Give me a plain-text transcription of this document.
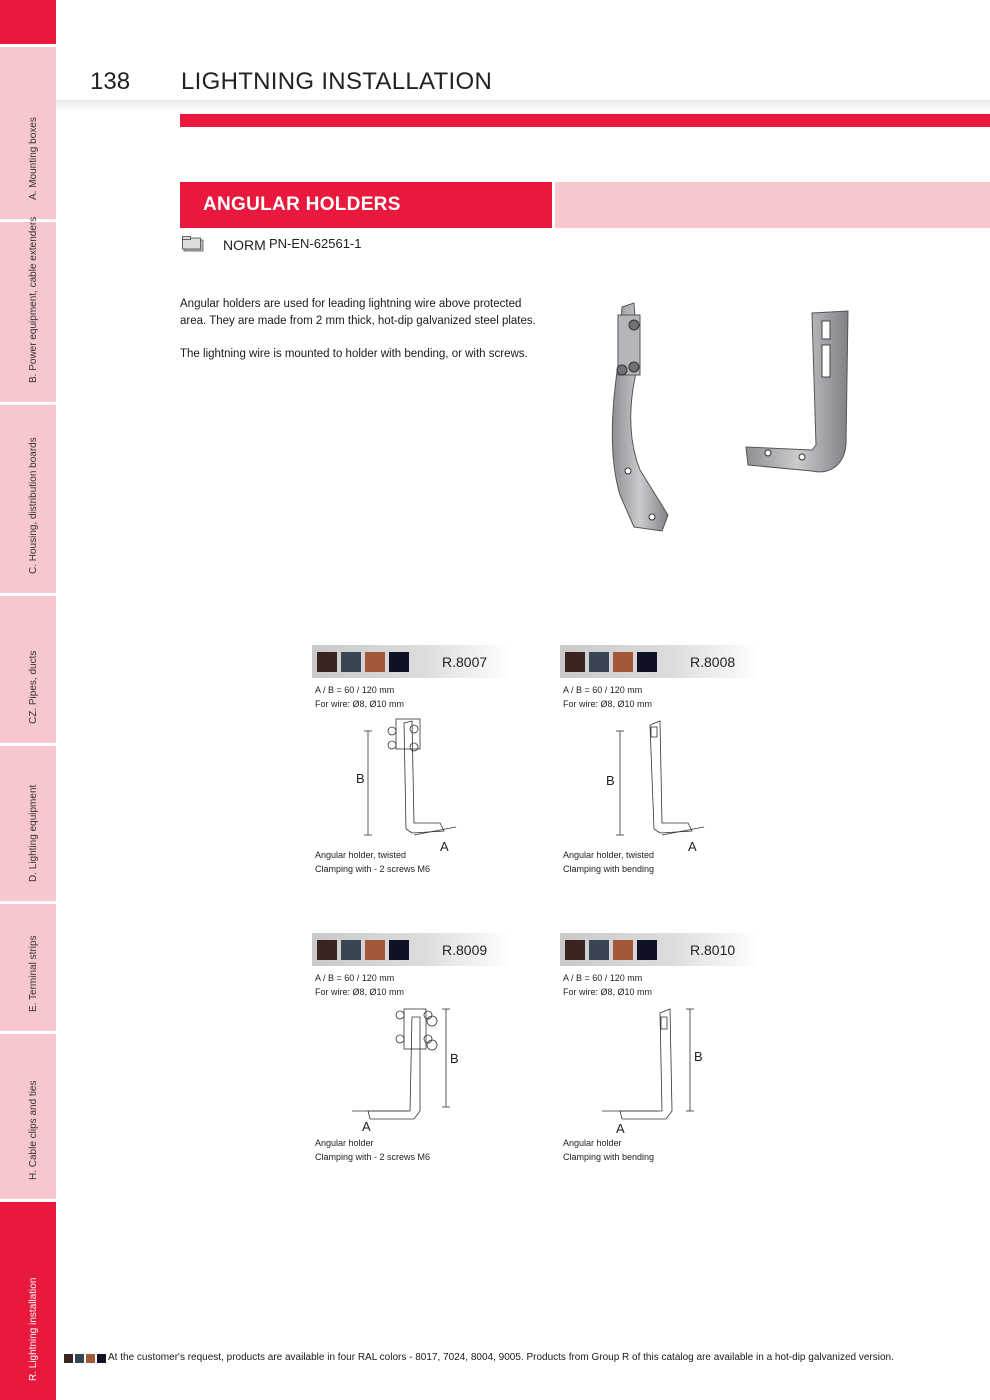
A. Mounting boxes
B. Power equipment, cable extenders
C. Housing, distribution boards
CZ. Pipes, ducts
D. Lighting equipment
E. Terminal strips
H. Cable clips and ties
R. Lightning installation
138 LIGHTNING INSTALLATION
ANGULAR HOLDERS
NORM PN-EN-62561-1

Angular holders are used for leading lightning wire above protected area. They are made from 2 mm thick, hot-dip galvanized steel plates.

The lightning wire is mounted to holder with bending, or with screws.

R.8007
A / B = 60 / 120 mm
For wire: Ø8, Ø10 mm
B
A
Angular holder, twisted
Clamping with - 2 screws M6
R.8008
A / B = 60 / 120 mm
For wire: Ø8, Ø10 mm
B
A
Angular holder, twisted
Clamping with bending
R.8009
A / B = 60 / 120 mm
For wire: Ø8, Ø10 mm
B
A
Angular holder
Clamping with - 2 screws M6
R.8010
A / B = 60 / 120 mm
For wire: Ø8, Ø10 mm
B
A
Angular holder
Clamping with bending
At the customer's request, products are available in four RAL colors - 8017, 7024, 8004, 9005. Products from Group R of this catalog are available in a hot-dip galvanized version.
